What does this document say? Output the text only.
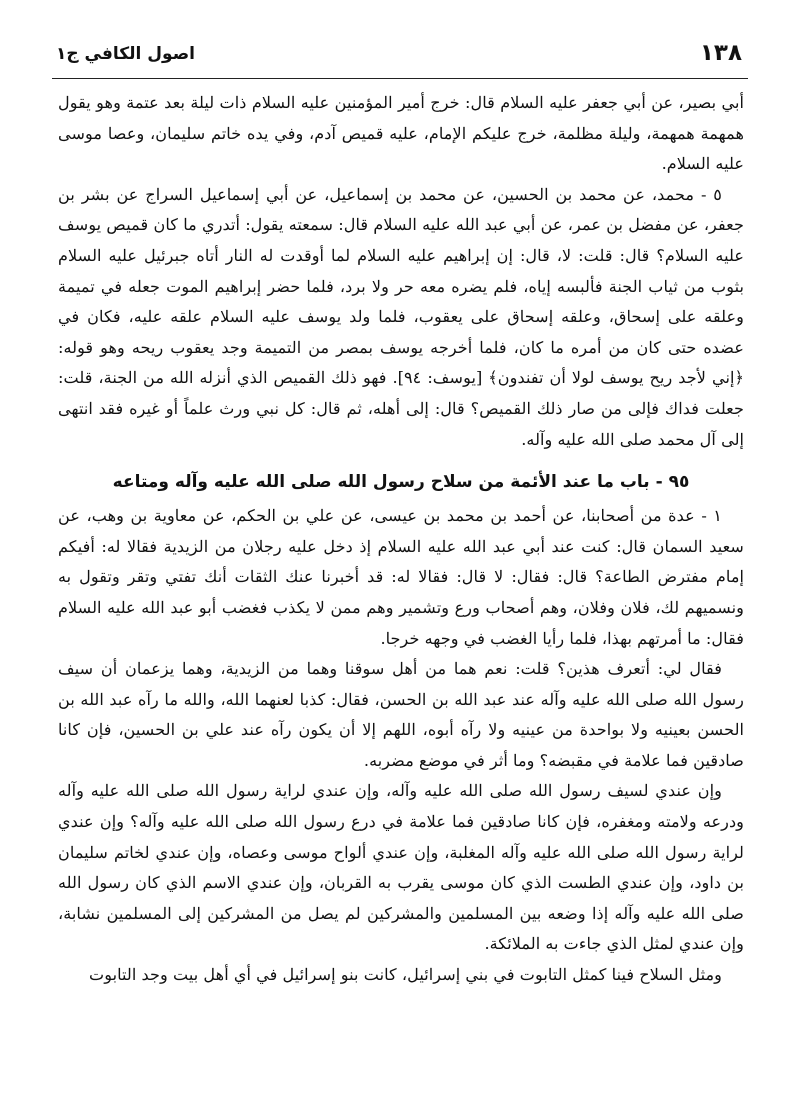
١٣٨
اصول الكافي ج١

أبي بصير، عن أبي جعفر عليه السلام قال: خرج أمير المؤمنين عليه السلام ذات ليلة بعد عتمة وهو يقول همهمة همهمة، وليلة مظلمة، خرج عليكم الإمام، عليه قميص آدم، وفي يده خاتم سليمان، وعصا موسى عليه السلام.

٥ - محمد، عن محمد بن الحسين، عن محمد بن إسماعيل، عن أبي إسماعيل السراج عن بشر بن جعفر، عن مفضل بن عمر، عن أبي عبد الله عليه السلام قال: سمعته يقول: أتدري ما كان قميص يوسف عليه السلام؟ قال: قلت: لا، قال: إن إبراهيم عليه السلام لما أوقدت له النار أتاه جبرئيل عليه السلام بثوب من ثياب الجنة فألبسه إياه، فلم يضره معه حر ولا برد، فلما حضر إبراهيم الموت جعله في تميمة وعلقه على إسحاق، وعلقه إسحاق على يعقوب، فلما ولد يوسف عليه السلام علقه عليه، فكان في عضده حتى كان من أمره ما كان، فلما أخرجه يوسف بمصر من التميمة وجد يعقوب ريحه وهو قوله: ﴿إني لأجد ريح يوسف لولا أن تفندون﴾ [يوسف: ٩٤]. فهو ذلك القميص الذي أنزله الله من الجنة، قلت: جعلت فداك فإلى من صار ذلك القميص؟ قال: إلى أهله، ثم قال: كل نبي ورث علماً أو غيره فقد انتهى إلى آل محمد صلى الله عليه وآله.

٩٥ - باب ما عند الأئمة من سلاح رسول الله صلى الله عليه وآله ومتاعه

١ - عدة من أصحابنا، عن أحمد بن محمد بن عيسى، عن علي بن الحكم، عن معاوية بن وهب، عن سعيد السمان قال: كنت عند أبي عبد الله عليه السلام إذ دخل عليه رجلان من الزيدية فقالا له: أفيكم إمام مفترض الطاعة؟ قال: فقال: لا قال: فقالا له: قد أخبرنا عنك الثقات أنك تفتي وتقر وتقول به ونسميهم لك، فلان وفلان، وهم أصحاب ورع وتشمير وهم ممن لا يكذب فغضب أبو عبد الله عليه السلام فقال: ما أمرتهم بهذا، فلما رأيا الغضب في وجهه خرجا.

فقال لي: أتعرف هذين؟ قلت: نعم هما من أهل سوقنا وهما من الزيدية، وهما يزعمان أن سيف رسول الله صلى الله عليه وآله عند عبد الله بن الحسن، فقال: كذبا لعنهما الله، والله ما رآه عبد الله بن الحسن بعينيه ولا بواحدة من عينيه ولا رآه أبوه، اللهم إلا أن يكون رآه عند علي بن الحسين، فإن كانا صادقين فما علامة في مقبضه؟ وما أثر في موضع مضربه.

وإن عندي لسيف رسول الله صلى الله عليه وآله، وإن عندي لراية رسول الله صلى الله عليه وآله ودرعه ولامته ومغفره، فإن كانا صادقين فما علامة في درع رسول الله صلى الله عليه وآله؟ وإن عندي لراية رسول الله صلى الله عليه وآله المغلبة، وإن عندي ألواح موسى وعصاه، وإن عندي لخاتم سليمان بن داود، وإن عندي الطست الذي كان موسى يقرب به القربان، وإن عندي الاسم الذي كان رسول الله صلى الله عليه وآله إذا وضعه بين المسلمين والمشركين لم يصل من المشركين إلى المسلمين نشابة، وإن عندي لمثل الذي جاءت به الملائكة.

ومثل السلاح فينا كمثل التابوت في بني إسرائيل، كانت بنو إسرائيل في أي أهل بيت وجد التابوت
